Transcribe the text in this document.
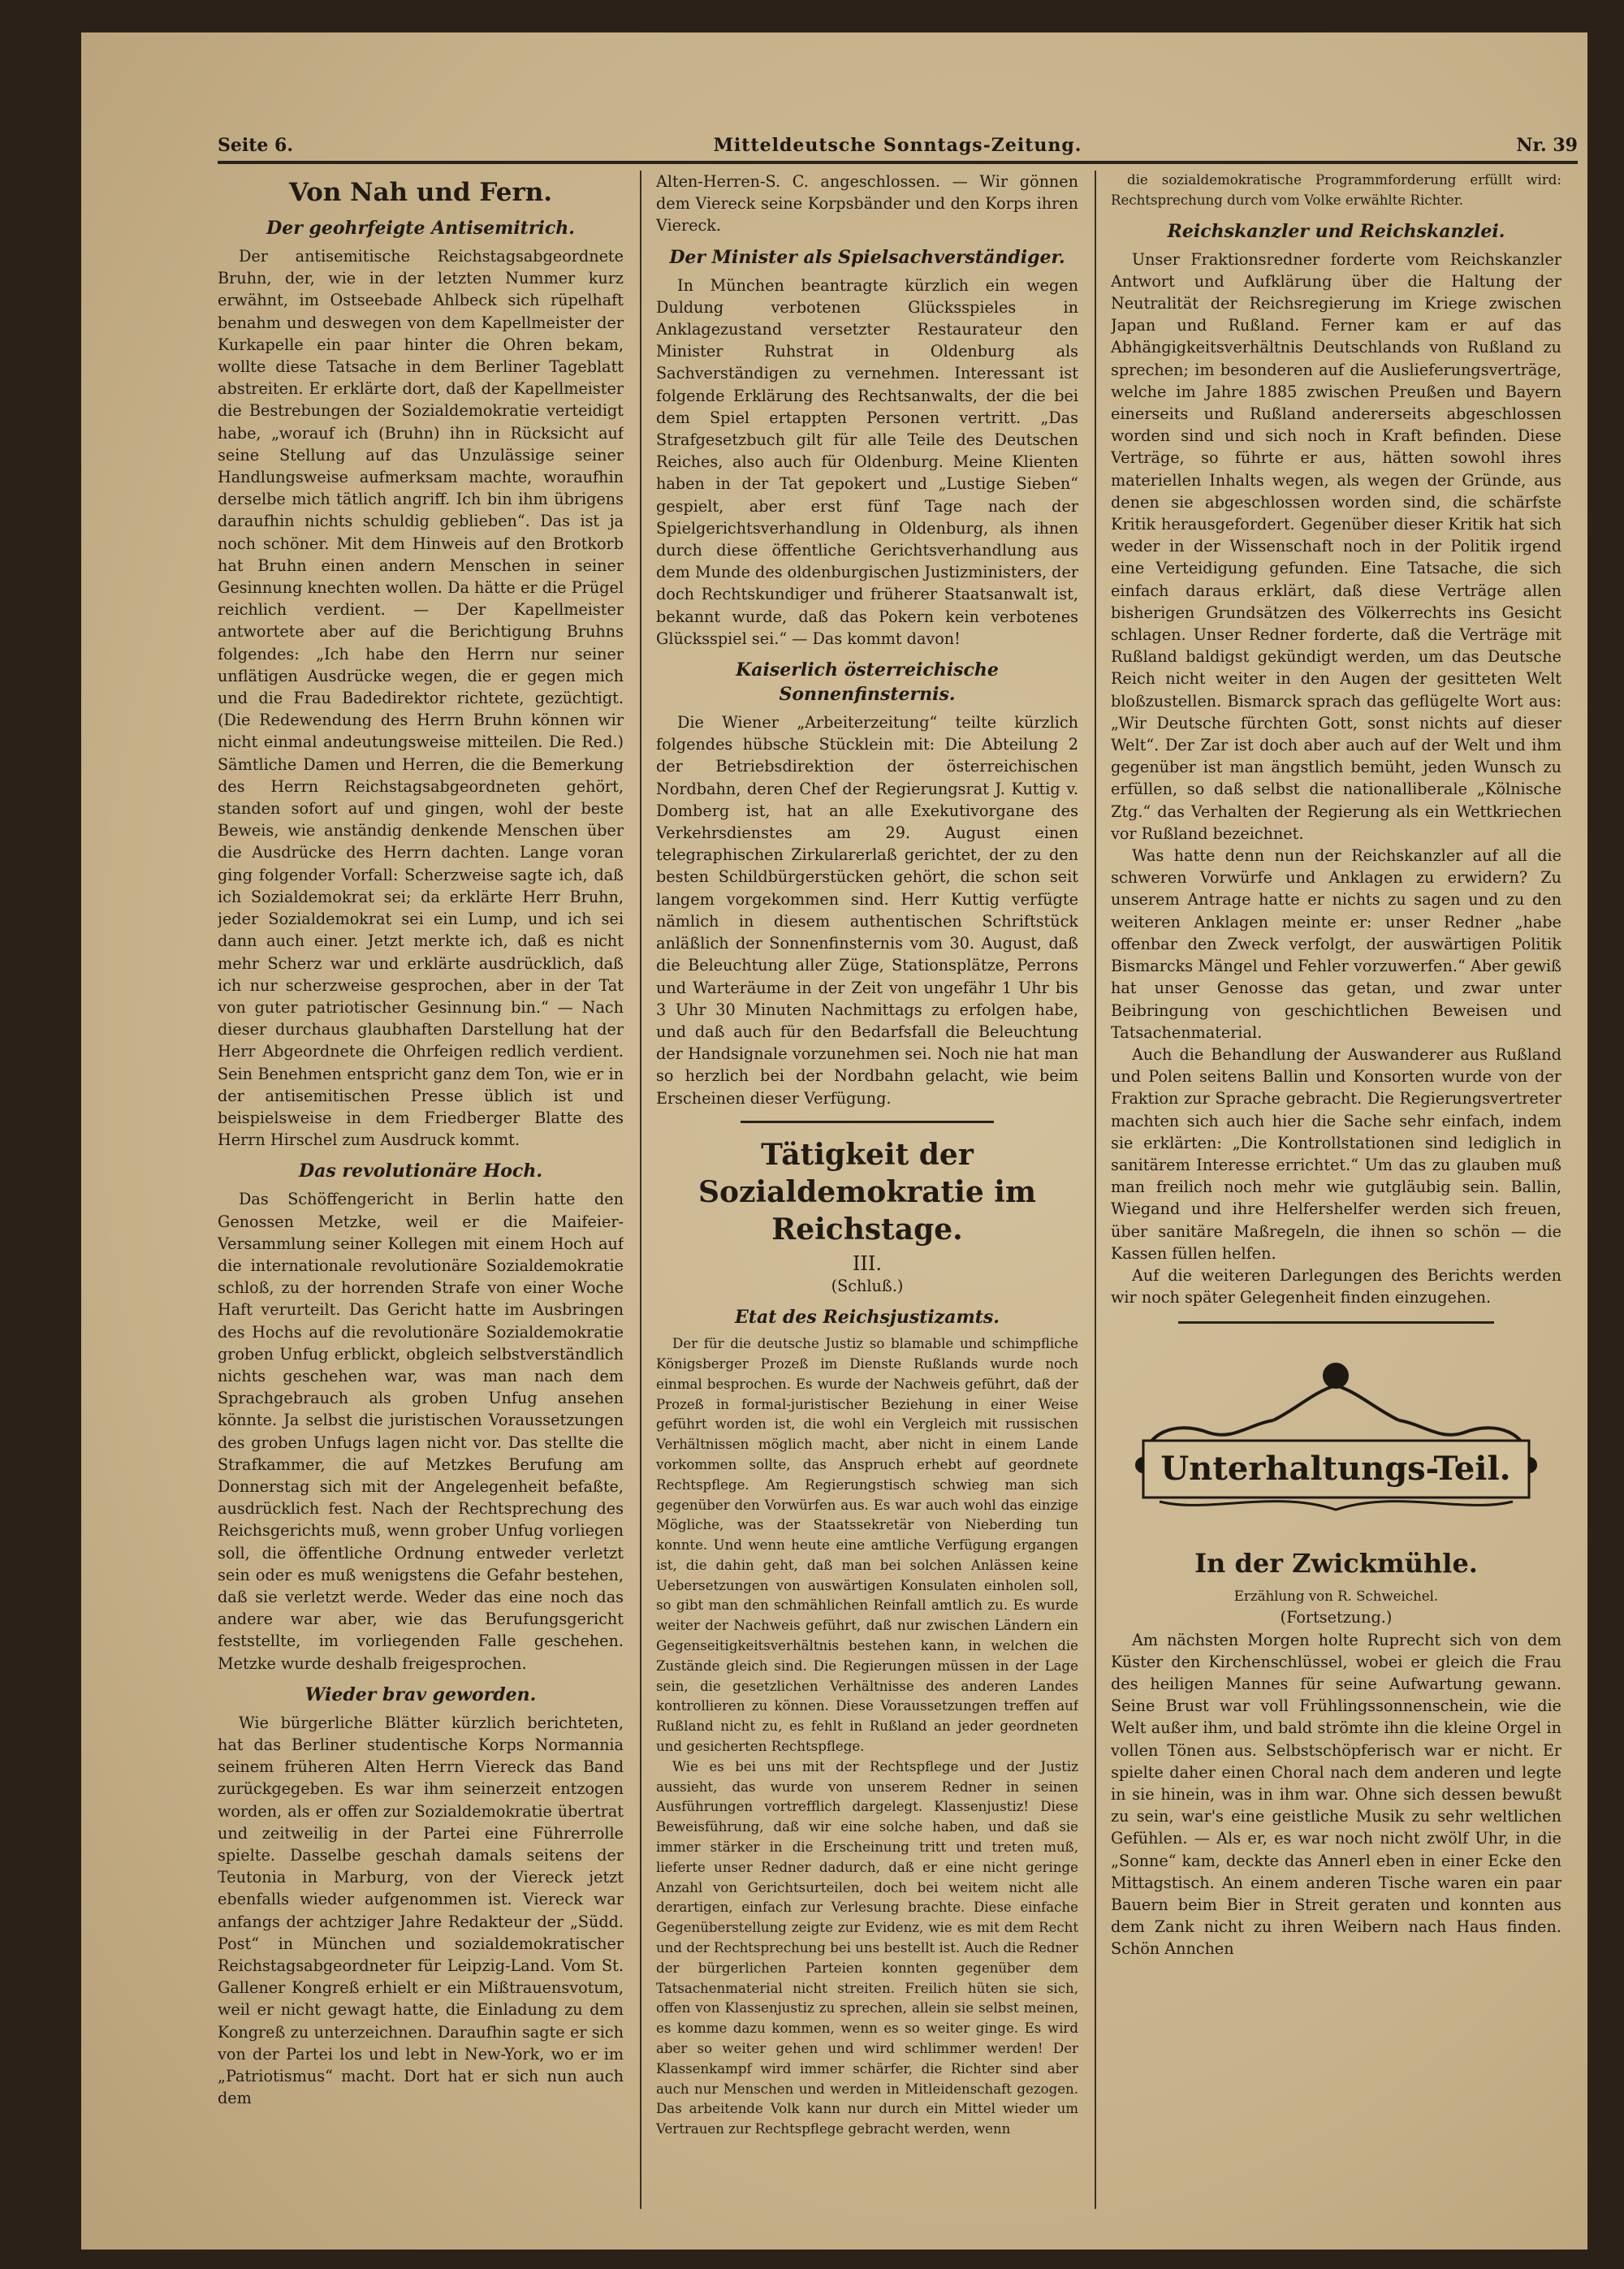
Seite 6.	Mitteldeutsche Sonntags-Zeitung.	Nr. 39
Von Nah und Fern.
Der geohrfeigte Antisemitrich.

Der antisemitische Reichstagsabgeordnete Bruhn, der, wie in der letzten Nummer kurz erwähnt, im Ostseebade Ahlbeck sich rüpelhaft benahm und deswegen von dem Kapellmeister der Kurkapelle ein paar hinter die Ohren bekam, wollte diese Tatsache in dem Berliner Tageblatt abstreiten. Er erklärte dort, daß der Kapellmeister die Bestrebungen der Sozialdemokratie verteidigt habe, „worauf ich (Bruhn) ihn in Rücksicht auf seine Stellung auf das Unzulässige seiner Handlungsweise aufmerksam machte, woraufhin derselbe mich tätlich angriff. Ich bin ihm übrigens daraufhin nichts schuldig geblieben“. Das ist ja noch schöner. Mit dem Hinweis auf den Brotkorb hat Bruhn einen andern Menschen in seiner Gesinnung knechten wollen. Da hätte er die Prügel reichlich verdient. — Der Kapellmeister antwortete aber auf die Berichtigung Bruhns folgendes: „Ich habe den Herrn nur seiner unflätigen Ausdrücke wegen, die er gegen mich und die Frau Badedirektor richtete, gezüchtigt. (Die Redewendung des Herrn Bruhn können wir nicht einmal andeutungsweise mitteilen. Die Red.) Sämtliche Damen und Herren, die die Bemerkung des Herrn Reichstagsabgeordneten gehört, standen sofort auf und gingen, wohl der beste Beweis, wie anständig denkende Menschen über die Ausdrücke des Herrn dachten. Lange voran ging folgender Vorfall: Scherzweise sagte ich, daß ich Sozialdemokrat sei; da erklärte Herr Bruhn, jeder Sozialdemokrat sei ein Lump, und ich sei dann auch einer. Jetzt merkte ich, daß es nicht mehr Scherz war und erklärte ausdrücklich, daß ich nur scherzweise gesprochen, aber in der Tat von guter patriotischer Gesinnung bin.“ — Nach dieser durchaus glaubhaften Darstellung hat der Herr Abgeordnete die Ohrfeigen redlich verdient. Sein Benehmen entspricht ganz dem Ton, wie er in der antisemitischen Presse üblich ist und beispielsweise in dem Friedberger Blatte des Herrn Hirschel zum Ausdruck kommt.

Das revolutionäre Hoch.

Das Schöffengericht in Berlin hatte den Genossen Metzke, weil er die Maifeier-Versammlung seiner Kollegen mit einem Hoch auf die internationale revolutionäre Sozialdemokratie schloß, zu der horrenden Strafe von einer Woche Haft verurteilt. Das Gericht hatte im Ausbringen des Hochs auf die revolutionäre Sozialdemokratie groben Unfug erblickt, obgleich selbstverständlich nichts geschehen war, was man nach dem Sprachgebrauch als groben Unfug ansehen könnte. Ja selbst die juristischen Voraussetzungen des groben Unfugs lagen nicht vor. Das stellte die Strafkammer, die auf Metzkes Berufung am Donnerstag sich mit der Angelegenheit befaßte, ausdrücklich fest. Nach der Rechtsprechung des Reichsgerichts muß, wenn grober Unfug vorliegen soll, die öffentliche Ordnung entweder verletzt sein oder es muß wenigstens die Gefahr bestehen, daß sie verletzt werde. Weder das eine noch das andere war aber, wie das Berufungsgericht feststellte, im vorliegenden Falle geschehen. Metzke wurde deshalb freigesprochen.

Wieder brav geworden.

Wie bürgerliche Blätter kürzlich berichteten, hat das Berliner studentische Korps Normannia seinem früheren Alten Herrn Viereck das Band zurückgegeben. Es war ihm seinerzeit entzogen worden, als er offen zur Sozialdemokratie übertrat und zeitweilig in der Partei eine Führerrolle spielte. Dasselbe geschah damals seitens der Teutonia in Marburg, von der Viereck jetzt ebenfalls wieder aufgenommen ist. Viereck war anfangs der achtziger Jahre Redakteur der „Südd. Post“ in München und sozialdemokratischer Reichstagsabgeordneter für Leipzig-Land. Vom St. Gallener Kongreß erhielt er ein Mißtrauensvotum, weil er nicht gewagt hatte, die Einladung zu dem Kongreß zu unterzeichnen. Daraufhin sagte er sich von der Partei los und lebt in New-York, wo er im „Patriotismus“ macht. Dort hat er sich nun auch dem

Alten-Herren-S. C. angeschlossen. — Wir gönnen dem Viereck seine Korpsbänder und den Korps ihren Viereck.

Der Minister als Spielsachverständiger.

In München beantragte kürzlich ein wegen Duldung verbotenen Glücksspieles in Anklagezustand versetzter Restaurateur den Minister Ruhstrat in Oldenburg als Sachverständigen zu vernehmen. Interessant ist folgende Erklärung des Rechtsanwalts, der die bei dem Spiel ertappten Personen vertritt. „Das Strafgesetzbuch gilt für alle Teile des Deutschen Reiches, also auch für Oldenburg. Meine Klienten haben in der Tat gepokert und „Lustige Sieben“ gespielt, aber erst fünf Tage nach der Spielgerichtsverhandlung in Oldenburg, als ihnen durch diese öffentliche Gerichtsverhandlung aus dem Munde des oldenburgischen Justizministers, der doch Rechtskundiger und früherer Staatsanwalt ist, bekannt wurde, daß das Pokern kein verbotenes Glücksspiel sei.“ — Das kommt davon!

Kaiserlich österreichische Sonnenfinsternis.

Die Wiener „Arbeiterzeitung“ teilte kürzlich folgendes hübsche Stücklein mit: Die Abteilung 2 der Betriebsdirektion der österreichischen Nordbahn, deren Chef der Regierungsrat J. Kuttig v. Domberg ist, hat an alle Exekutivorgane des Verkehrsdienstes am 29. August einen telegraphischen Zirkularerlaß gerichtet, der zu den besten Schildbürgerstücken gehört, die schon seit langem vorgekommen sind. Herr Kuttig verfügte nämlich in diesem authentischen Schriftstück anläßlich der Sonnenfinsternis vom 30. August, daß die Beleuchtung aller Züge, Stationsplätze, Perrons und Warteräume in der Zeit von ungefähr 1 Uhr bis 3 Uhr 30 Minuten Nachmittags zu erfolgen habe, und daß auch für den Bedarfsfall die Beleuchtung der Handsignale vorzunehmen sei. Noch nie hat man so herzlich bei der Nordbahn gelacht, wie beim Erscheinen dieser Verfügung.

Tätigkeit der Sozialdemokratie im Reichstage.

III.

(Schluß.)

Etat des Reichsjustizamts.

Der für die deutsche Justiz so blamable und schimpfliche Königsberger Prozeß im Dienste Rußlands wurde noch einmal besprochen. Es wurde der Nachweis geführt, daß der Prozeß in formal-juristischer Beziehung in einer Weise geführt worden ist, die wohl ein Vergleich mit russischen Verhältnissen möglich macht, aber nicht in einem Lande vorkommen sollte, das Anspruch erhebt auf geordnete Rechtspflege. Am Regierungstisch schwieg man sich gegenüber den Vorwürfen aus. Es war auch wohl das einzige Mögliche, was der Staatssekretär von Nieberding tun konnte. Und wenn heute eine amtliche Verfügung ergangen ist, die dahin geht, daß man bei solchen Anlässen keine Uebersetzungen von auswärtigen Konsulaten einholen soll, so gibt man den schmählichen Reinfall amtlich zu. Es wurde weiter der Nachweis geführt, daß nur zwischen Ländern ein Gegenseitigkeitsverhältnis bestehen kann, in welchen die Zustände gleich sind. Die Regierungen müssen in der Lage sein, die gesetzlichen Verhältnisse des anderen Landes kontrollieren zu können. Diese Voraussetzungen treffen auf Rußland nicht zu, es fehlt in Rußland an jeder geordneten und gesicherten Rechtspflege.

Wie es bei uns mit der Rechtspflege und der Justiz aussieht, das wurde von unserem Redner in seinen Ausführungen vortrefflich dargelegt. Klassenjustiz! Diese Beweisführung, daß wir eine solche haben, und daß sie immer stärker in die Erscheinung tritt und treten muß, lieferte unser Redner dadurch, daß er eine nicht geringe Anzahl von Gerichtsurteilen, doch bei weitem nicht alle derartigen, einfach zur Verlesung brachte. Diese einfache Gegenüberstellung zeigte zur Evidenz, wie es mit dem Recht und der Rechtsprechung bei uns bestellt ist. Auch die Redner der bürgerlichen Parteien konnten gegenüber dem Tatsachenmaterial nicht streiten. Freilich hüten sie sich, offen von Klassenjustiz zu sprechen, allein sie selbst meinen, es komme dazu kommen, wenn es so weiter ginge. Es wird aber so weiter gehen und wird schlimmer werden! Der Klassenkampf wird immer schärfer, die Richter sind aber auch nur Menschen und werden in Mitleidenschaft gezogen. Das arbeitende Volk kann nur durch ein Mittel wieder um Vertrauen zur Rechtspflege gebracht werden, wenn

die sozialdemokratische Programmforderung erfüllt wird: Rechtsprechung durch vom Volke erwählte Richter.

Reichskanzler und Reichskanzlei.

Unser Fraktionsredner forderte vom Reichskanzler Antwort und Aufklärung über die Haltung der Neutralität der Reichsregierung im Kriege zwischen Japan und Rußland. Ferner kam er auf das Abhängigkeitsverhältnis Deutschlands von Rußland zu sprechen; im besonderen auf die Auslieferungsverträge, welche im Jahre 1885 zwischen Preußen und Bayern einerseits und Rußland andererseits abgeschlossen worden sind und sich noch in Kraft befinden. Diese Verträge, so führte er aus, hätten sowohl ihres materiellen Inhalts wegen, als wegen der Gründe, aus denen sie abgeschlossen worden sind, die schärfste Kritik herausgefordert. Gegenüber dieser Kritik hat sich weder in der Wissenschaft noch in der Politik irgend eine Verteidigung gefunden. Eine Tatsache, die sich einfach daraus erklärt, daß diese Verträge allen bisherigen Grundsätzen des Völkerrechts ins Gesicht schlagen. Unser Redner forderte, daß die Verträge mit Rußland baldigst gekündigt werden, um das Deutsche Reich nicht weiter in den Augen der gesitteten Welt bloßzustellen. Bismarck sprach das geflügelte Wort aus: „Wir Deutsche fürchten Gott, sonst nichts auf dieser Welt“. Der Zar ist doch aber auch auf der Welt und ihm gegenüber ist man ängstlich bemüht, jeden Wunsch zu erfüllen, so daß selbst die nationalliberale „Kölnische Ztg.“ das Verhalten der Regierung als ein Wettkriechen vor Rußland bezeichnet.

Was hatte denn nun der Reichskanzler auf all die schweren Vorwürfe und Anklagen zu erwidern? Zu unserem Antrage hatte er nichts zu sagen und zu den weiteren Anklagen meinte er: unser Redner „habe offenbar den Zweck verfolgt, der auswärtigen Politik Bismarcks Mängel und Fehler vorzuwerfen.“ Aber gewiß hat unser Genosse das getan, und zwar unter Beibringung von geschichtlichen Beweisen und Tatsachenmaterial.

Auch die Behandlung der Auswanderer aus Rußland und Polen seitens Ballin und Konsorten wurde von der Fraktion zur Sprache gebracht. Die Regierungsvertreter machten sich auch hier die Sache sehr einfach, indem sie erklärten: „Die Kontrollstationen sind lediglich in sanitärem Interesse errichtet.“ Um das zu glauben muß man freilich noch mehr wie gutgläubig sein. Ballin, Wiegand und ihre Helfershelfer werden sich freuen, über sanitäre Maßregeln, die ihnen so schön — die Kassen füllen helfen.

Auf die weiteren Darlegungen des Berichts werden wir noch später Gelegenheit finden einzugehen.

Unterhaltungs-Teil.
In der Zwickmühle.

Erzählung von R. Schweichel.

(Fortsetzung.)

Am nächsten Morgen holte Ruprecht sich von dem Küster den Kirchenschlüssel, wobei er gleich die Frau des heiligen Mannes für seine Aufwartung gewann. Seine Brust war voll Frühlingssonnenschein, wie die Welt außer ihm, und bald strömte ihn die kleine Orgel in vollen Tönen aus. Selbstschöpferisch war er nicht. Er spielte daher einen Choral nach dem anderen und legte in sie hinein, was in ihm war. Ohne sich dessen bewußt zu sein, war's eine geistliche Musik zu sehr weltlichen Gefühlen. — Als er, es war noch nicht zwölf Uhr, in die „Sonne“ kam, deckte das Annerl eben in einer Ecke den Mittagstisch. An einem anderen Tische waren ein paar Bauern beim Bier in Streit geraten und konnten aus dem Zank nicht zu ihren Weibern nach Haus finden. Schön Annchen
